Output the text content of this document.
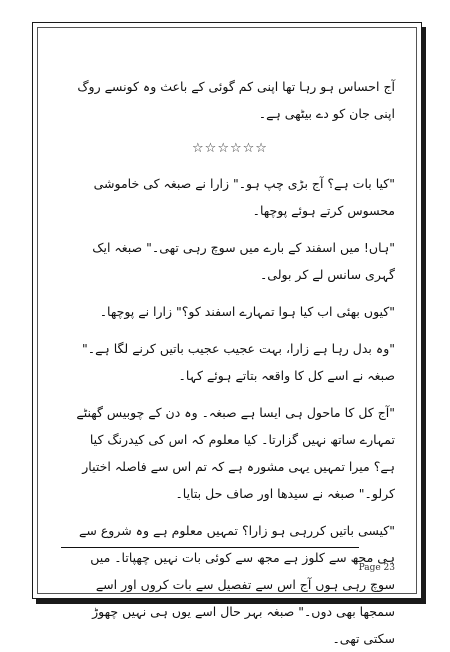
آج احساس ہو رہا تھا اپنی کم گوئی کے باعث وہ کونسے روگ اپنی جان کو دے بیٹھی ہے۔

☆☆☆☆☆☆

"کیا بات ہے؟ آج بڑی چپ ہو۔" زارا نے صبغہ کی خاموشی محسوس کرتے ہوئے پوچھا۔

"ہاں! میں اسفند کے بارے میں سوچ رہی تھی۔" صبغہ ایک گہری سانس لے کر بولی۔

"کیوں بھئی اب کیا ہوا تمہارے اسفند کو؟" زارا نے پوچھا۔

"وہ بدل رہا ہے زارا، بہت عجیب عجیب باتیں کرنے لگا ہے۔" صبغہ نے اسے کل کا واقعہ بتاتے ہوئے کہا۔

"آج کل کا ماحول ہی ایسا ہے صبغہ۔ وہ دن کے چوبیس گھنٹے تمہارے ساتھ نہیں گزارتا۔ کیا معلوم کہ اس کی کیدرنگ کیا ہے؟ میرا تمہیں یہی مشورہ ہے کہ تم اس سے فاصلہ اختیار کرلو۔" صبغہ نے سیدھا اور صاف حل بتایا۔

"کیسی باتیں کررہی ہو زارا؟ تمہیں معلوم ہے وہ شروع سے ہی مجھ سے کلوز ہے مجھ سے کوئی بات نہیں چھپاتا۔ میں سوچ رہی ہوں آج اس سے تفصیل سے بات کروں اور اسے سمجھا بھی دوں۔" صبغہ بہر حال اسے یوں ہی نہیں چھوڑ سکتی تھی۔

Page 23
